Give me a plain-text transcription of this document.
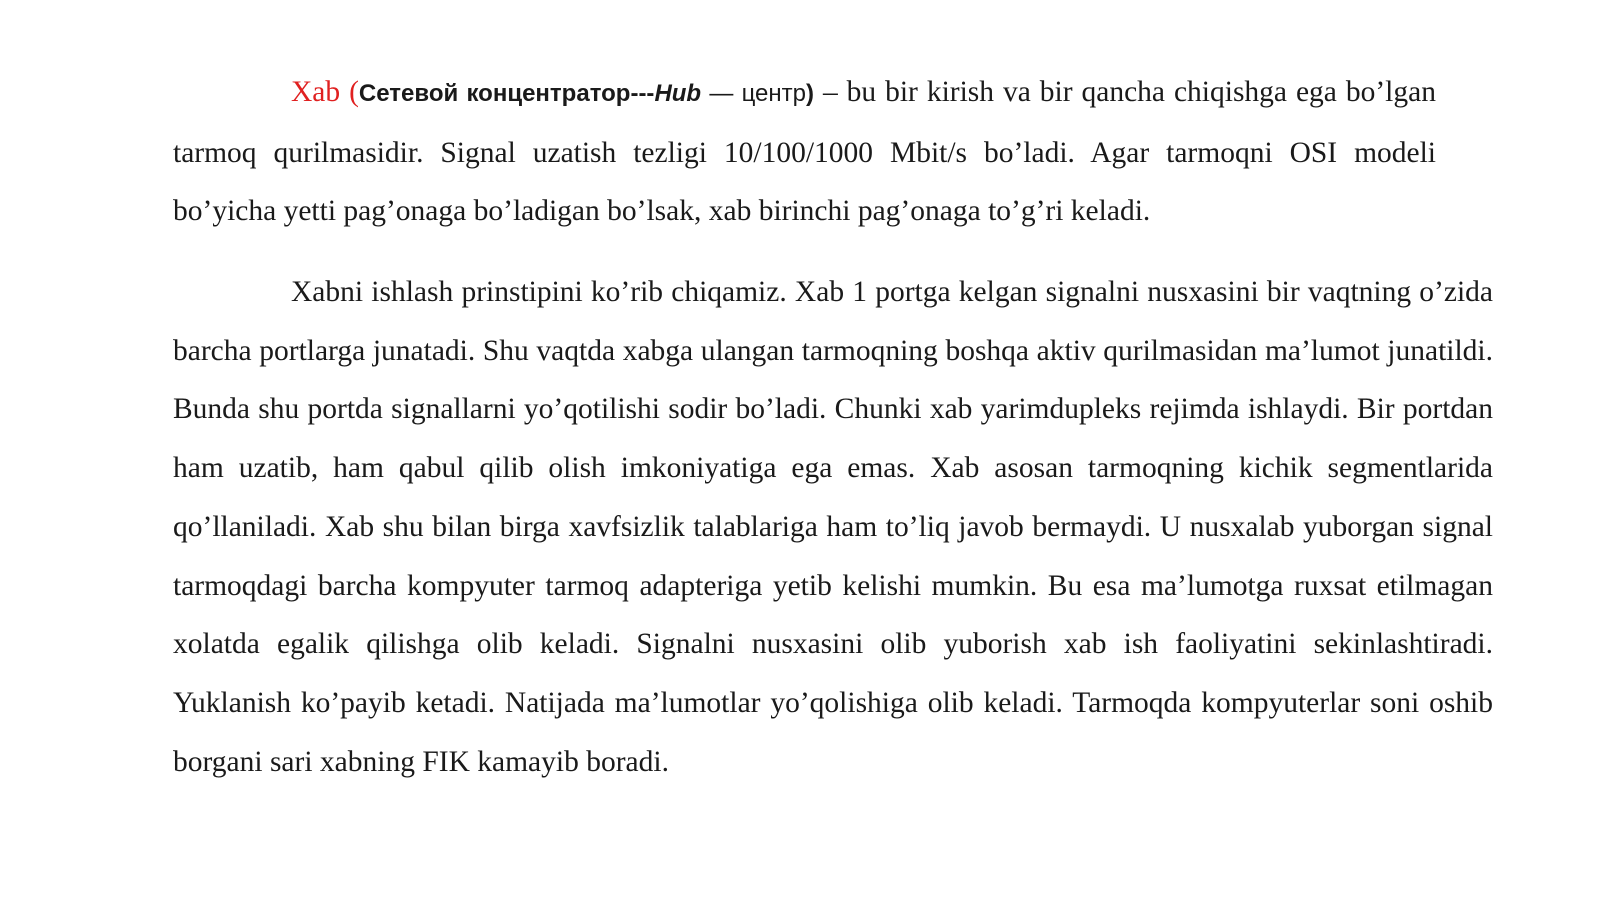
Xab (Сетевой концентратор---Hub — центр) – bu bir kirish va bir qancha chiqishga ega bo’lgan tarmoq qurilmasidir. Signal uzatish tezligi 10/100/1000 Mbit/s bo’ladi. Agar tarmoqni OSI modeli bo’yicha yetti pag’onaga bo’ladigan bo’lsak, xab birinchi pag’onaga to’g’ri keladi.

Xabni ishlash prinstipini ko’rib chiqamiz. Xab 1 portga kelgan signalni nusxasini bir vaqtning o’zida barcha portlarga junatadi. Shu vaqtda xabga ulangan tarmoqning boshqa aktiv qurilmasidan ma’lumot junatildi. Bunda shu portda signallarni yo’qotilishi sodir bo’ladi. Chunki xab yarimdupleks rejimda ishlaydi. Bir portdan ham uzatib, ham qabul qilib olish imkoniyatiga ega emas. Xab asosan tarmoqning kichik segmentlarida qo’llaniladi. Xab shu bilan birga xavfsizlik talablariga ham to’liq javob bermaydi. U nusxalab yuborgan signal tarmoqdagi barcha kompyuter tarmoq adapteriga yetib kelishi mumkin. Bu esa ma’lumotga ruxsat etilmagan xolatda egalik qilishga olib keladi. Signalni nusxasini olib yuborish xab ish faoliyatini sekinlashtiradi. Yuklanish ko’payib ketadi. Natijada ma’lumotlar yo’qolishiga olib keladi. Tarmoqda kompyuterlar soni oshib borgani sari xabning FIK kamayib boradi.
